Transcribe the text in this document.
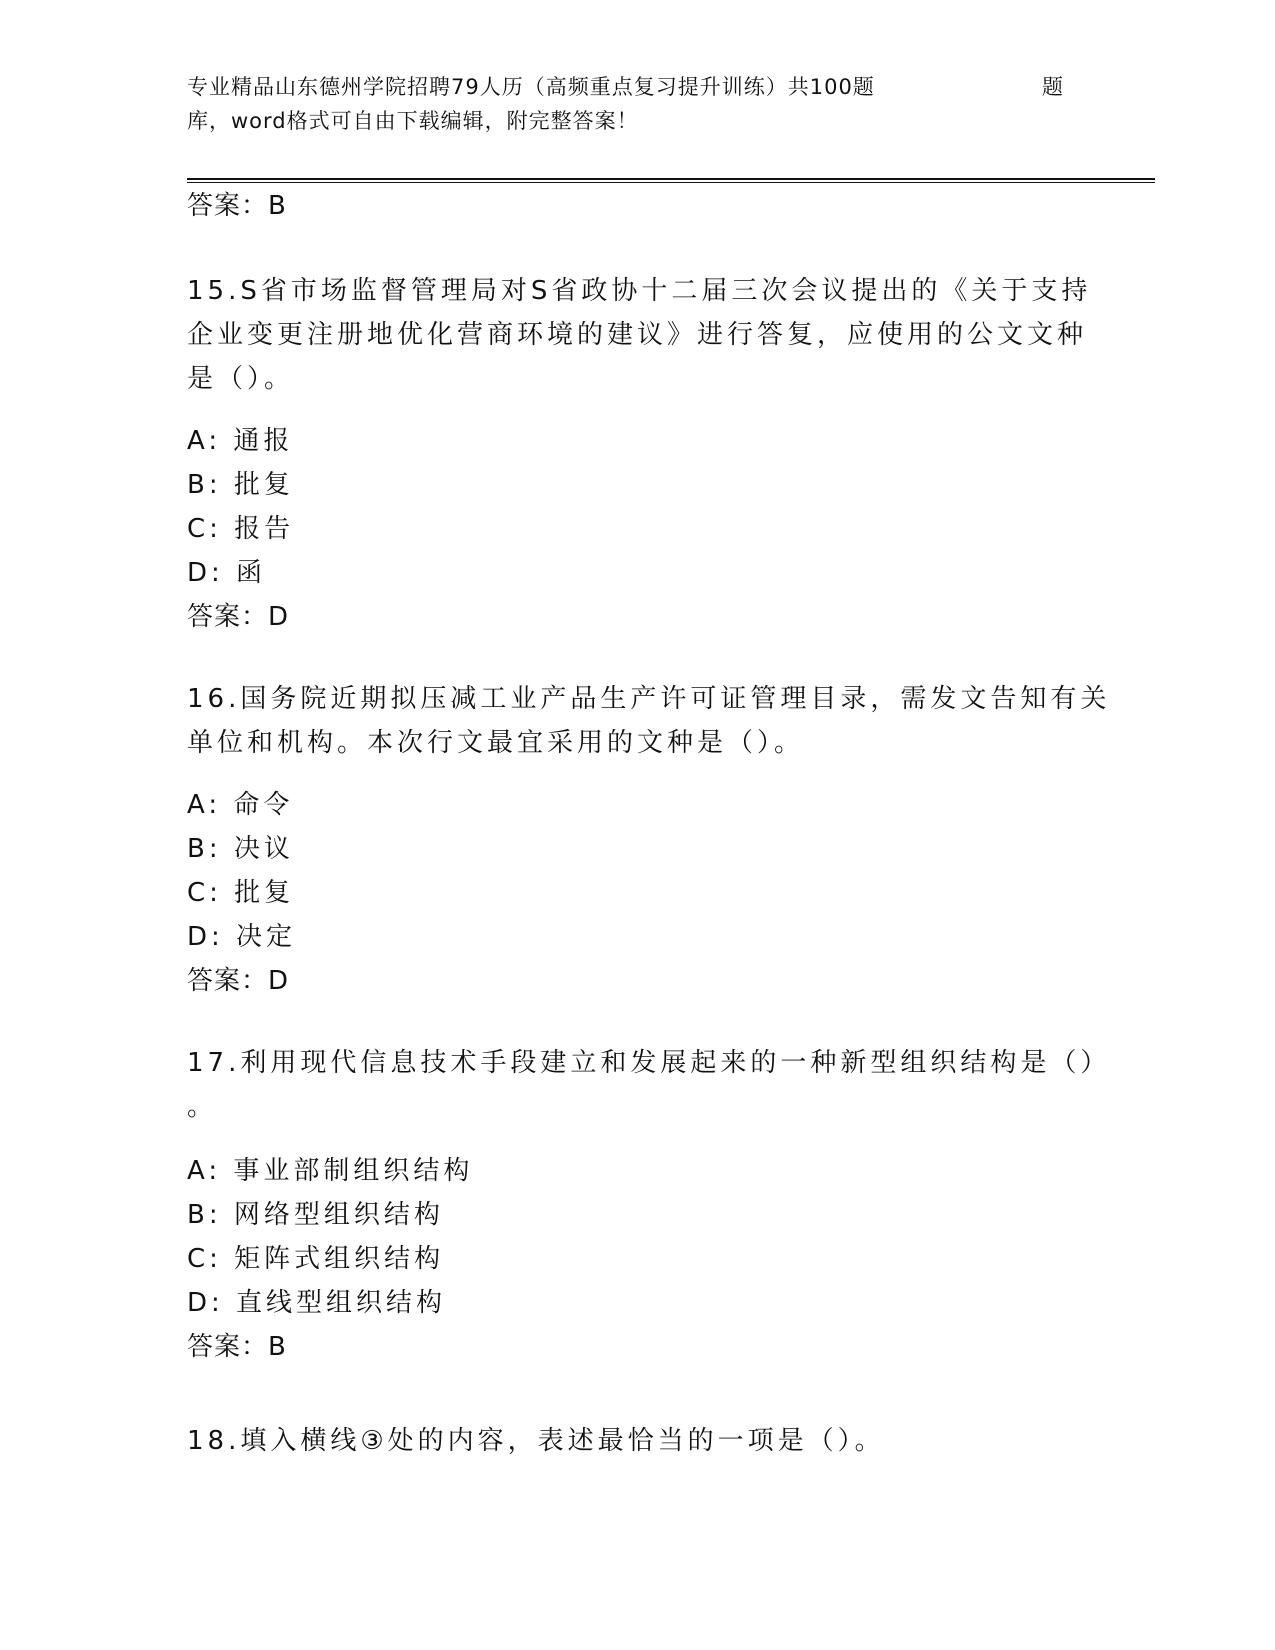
专业精品山东德州学院招聘79人历（高频重点复习提升训练）共100题	题
库，word格式可自由下载编辑，附完整答案！
答案：B
15.S省市场监督管理局对S省政协十二届三次会议提出的《关于支持
企业变更注册地优化营商环境的建议》进行答复，应使用的公文文种
是（）。
A: 通报
B: 批复
C: 报告
D: 函
答案：D
16.国务院近期拟压减工业产品生产许可证管理目录，需发文告知有关
单位和机构。本次行文最宜采用的文种是（）。
A: 命令
B: 决议
C: 批复
D: 决定
答案：D
17.利用现代信息技术手段建立和发展起来的一种新型组织结构是（）
。
A: 事业部制组织结构
B: 网络型组织结构
C: 矩阵式组织结构
D: 直线型组织结构
答案：B
18.填入横线③处的内容，表述最恰当的一项是（）。
